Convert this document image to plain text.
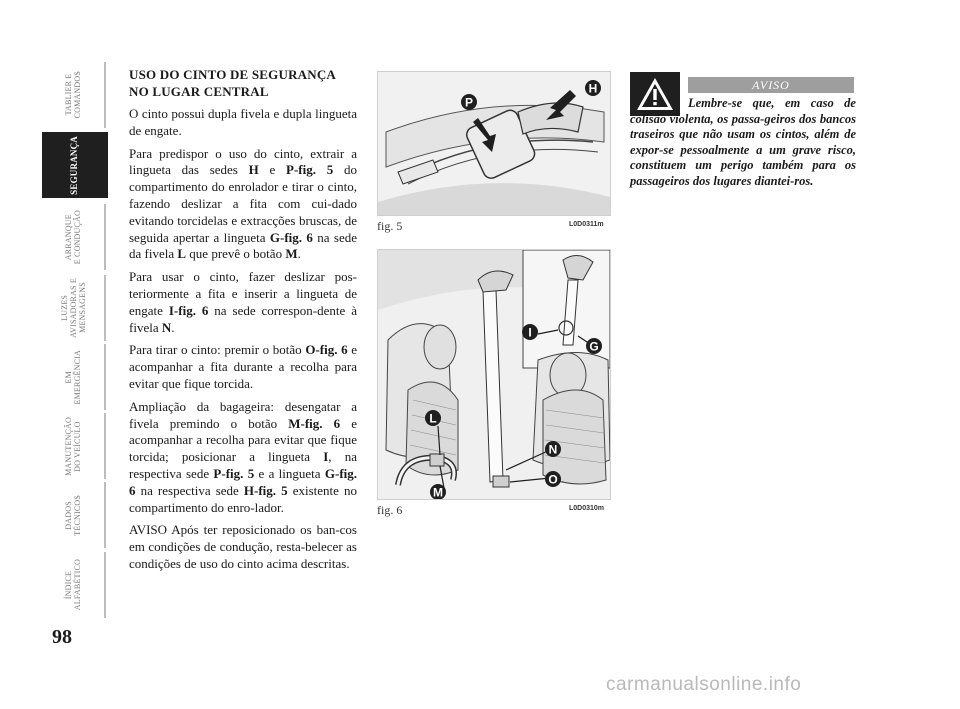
TABLIER E
COMANDOS
SEGURANÇA
ARRANQUE
E CONDUÇÃO
LUZES
AVISADORAS E
MENSAGENS
EM
EMERGÊNCIA
MANUTENÇÃO
DO VEÍCULO
DADOS
TÉCNICOS
ÍNDICE
ALFABÉTICO
98
USO DO CINTO DE SEGURANÇA NO LUGAR CENTRAL

O cinto possui dupla fivela e dupla lingueta de engate.

Para predispor o uso do cinto, extrair a lingueta das sedes H e P-fig. 5 do compartimento do enrolador e tirar o cinto, fazendo deslizar a fita com cui-dado evitando torcidelas e extracções bruscas, de seguida apertar a lingueta G-fig. 6 na sede da fivela L que prevê o botão M.

Para usar o cinto, fazer deslizar pos-teriormente a fita e inserir a lingueta de engate I-fig. 6 na sede correspon-dente à fivela N.

Para tirar o cinto: premir o botão O-fig. 6 e acompanhar a fita durante a recolha para evitar que fique torcida.

Ampliação da bagageira: desengatar a fivela premindo o botão M-fig. 6 e acompanhar a recolha para evitar que fique torcida; posicionar a lingueta I, na respectiva sede P-fig. 5 e a lingueta G-fig. 6 na respectiva sede H-fig. 5 existente no compartimento do enro-lador.

AVISO Após ter reposicionado os ban-cos em condições de condução, resta-belecer as condições de uso do cinto acima descritas.

P
H
fig. 5	L0D0311m
I
G
L
N
O
M
fig. 6	L0D0310m
AVISO
Lembre-se que, em caso de colisão violenta, os passa-geiros dos bancos traseiros que não usam os cintos, além de expor-se pessoalmente a um grave risco, constituem um perigo também para os passageiros dos lugares diantei-ros.
carmanualsonline.info
